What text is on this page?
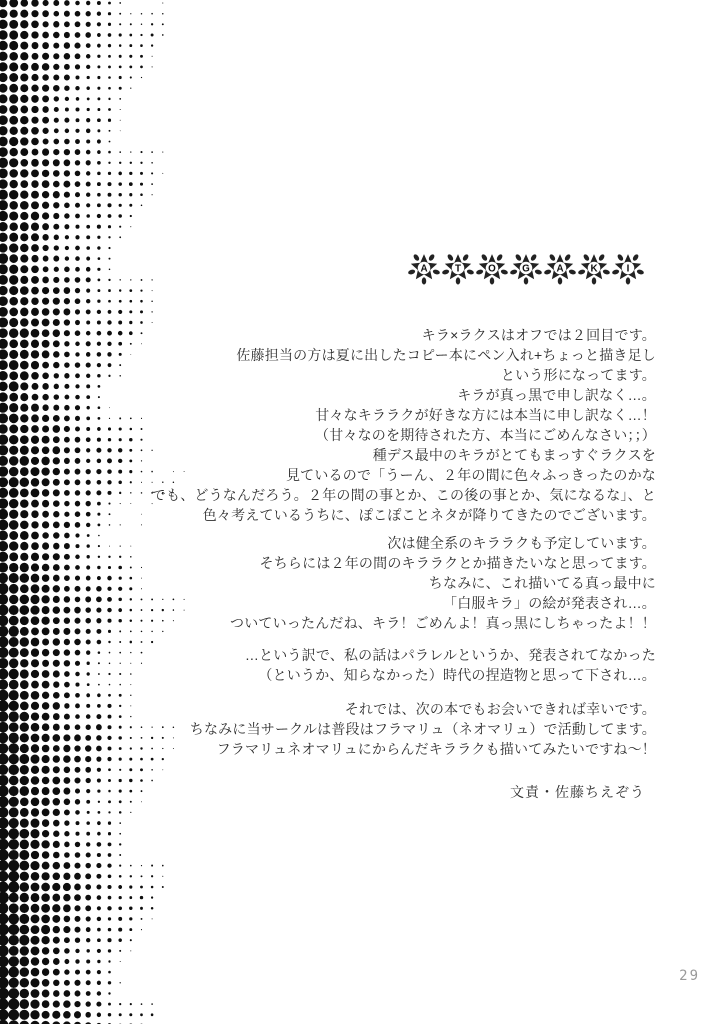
A T O G A K	I
キラ×ラクスはオフでは２回目です。
佐藤担当の方は夏に出したコピー本にペン入れ+ちょっと描き足し
という形になってます。
キラが真っ黒で申し訳なく…。
甘々なキララクが好きな方には本当に申し訳なく…！
（甘々なのを期待された方、本当にごめんなさい；；）
種デス最中のキラがとてもまっすぐラクスを
見ているので「うーん、２年の間に色々ふっきったのかな
でも、どうなんだろう。２年の間の事とか、この後の事とか、気になるな」、と
色々考えているうちに、ぽこぽことネタが降りてきたのでございます。
次は健全系のキララクも予定しています。
そちらには２年の間のキララクとか描きたいなと思ってます。
ちなみに、これ描いてる真っ最中に
「白服キラ」の絵が発表され…。
ついていったんだね、キラ！ごめんよ！真っ黒にしちゃったよ！！
…という訳で、私の話はパラレルというか、発表されてなかった
（というか、知らなかった）時代の捏造物と思って下され…。
それでは、次の本でもお会いできれば幸いです。
ちなみに当サークルは普段はフラマリュ（ネオマリュ）で活動してます。
フラマリュネオマリュにからんだキララクも描いてみたいですね〜！
文責・佐藤ちえぞう
29
